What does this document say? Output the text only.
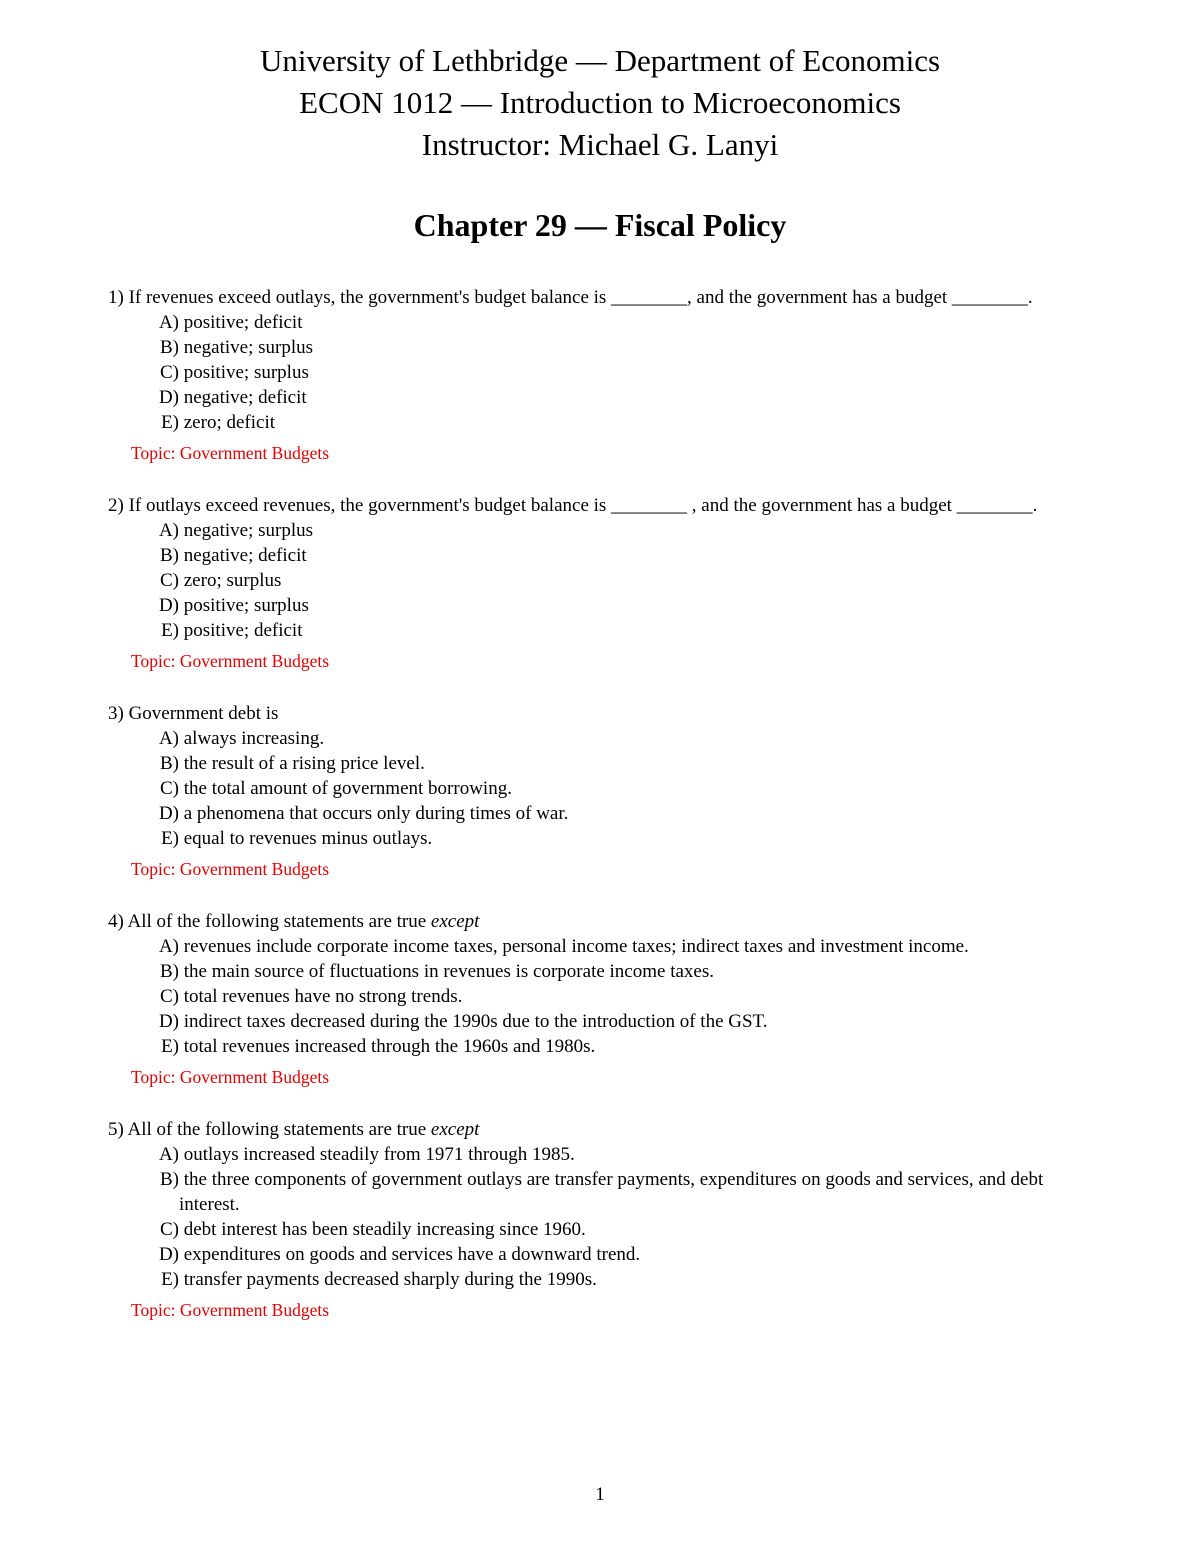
University of Lethbridge — Department of Economics
ECON 1012 — Introduction to Microeconomics
Instructor: Michael G. Lanyi
Chapter 29 — Fiscal Policy
1) If revenues exceed outlays, the government's budget balance is ________, and the government has a budget ________.
A) positive; deficit
B) negative; surplus
C) positive; surplus
D) negative; deficit
E) zero; deficit
Topic: Government Budgets
2) If outlays exceed revenues, the government's budget balance is ________ , and the government has a budget ________.
A) negative; surplus
B) negative; deficit
C) zero; surplus
D) positive; surplus
E) positive; deficit
Topic: Government Budgets
3) Government debt is
A) always increasing.
B) the result of a rising price level.
C) the total amount of government borrowing.
D) a phenomena that occurs only during times of war.
E) equal to revenues minus outlays.
Topic: Government Budgets
4) All of the following statements are true except
A) revenues include corporate income taxes, personal income taxes; indirect taxes and investment income.
B) the main source of fluctuations in revenues is corporate income taxes.
C) total revenues have no strong trends.
D) indirect taxes decreased during the 1990s due to the introduction of the GST.
E) total revenues increased through the 1960s and 1980s.
Topic: Government Budgets
5) All of the following statements are true except
A) outlays increased steadily from 1971 through 1985.
B) the three components of government outlays are transfer payments, expenditures on goods and services, and debt interest.
C) debt interest has been steadily increasing since 1960.
D) expenditures on goods and services have a downward trend.
E) transfer payments decreased sharply during the 1990s.
Topic: Government Budgets
1
